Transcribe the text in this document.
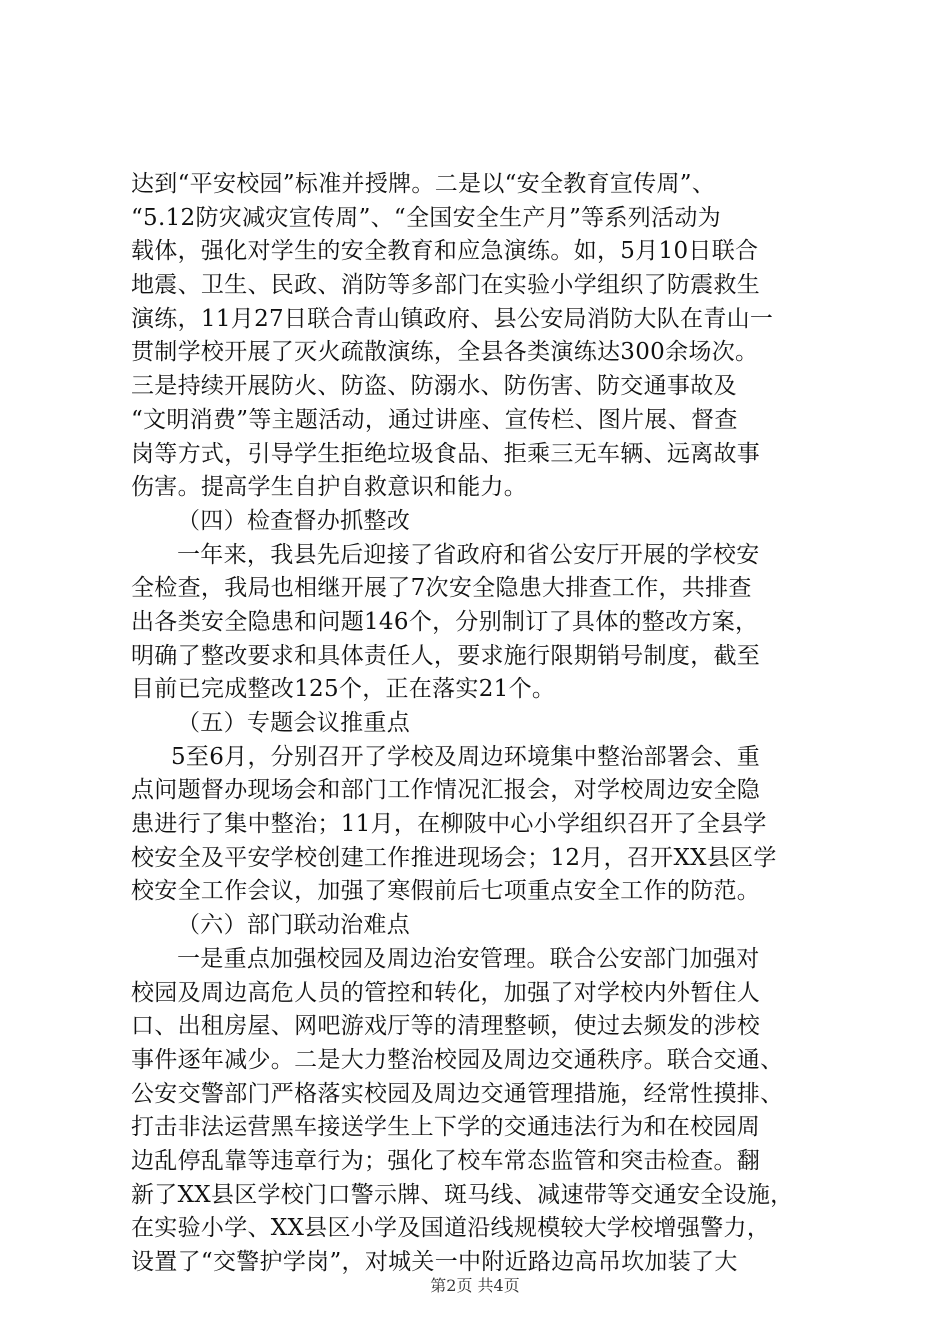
达到“平安校园”标准并授牌。二是以“安全教育宣传周”、
“5.12防灾减灾宣传周”、“全国安全生产月”等系列活动为
载体，强化对学生的安全教育和应急演练。如，5月10日联合
地震、卫生、民政、消防等多部门在实验小学组织了防震救生
演练，11月27日联合青山镇政府、县公安局消防大队在青山一
贯制学校开展了灭火疏散演练，全县各类演练达300余场次。
三是持续开展防火、防盗、防溺水、防伤害、防交通事故及
“文明消费”等主题活动，通过讲座、宣传栏、图片展、督查
岗等方式，引导学生拒绝垃圾食品、拒乘三无车辆、远离故事
伤害。提高学生自护自救意识和能力。
（四）检查督办抓整改
一年来，我县先后迎接了省政府和省公安厅开展的学校安
全检查，我局也相继开展了7次安全隐患大排查工作，共排查
出各类安全隐患和问题146个，分别制订了具体的整改方案，
明确了整改要求和具体责任人，要求施行限期销号制度，截至
目前已完成整改125个，正在落实21个。
（五）专题会议推重点
5至6月，分别召开了学校及周边环境集中整治部署会、重
点问题督办现场会和部门工作情况汇报会，对学校周边安全隐
患进行了集中整治；11月，在柳陂中心小学组织召开了全县学
校安全及平安学校创建工作推进现场会；12月，召开XX县区学
校安全工作会议，加强了寒假前后七项重点安全工作的防范。
（六）部门联动治难点
一是重点加强校园及周边治安管理。联合公安部门加强对
校园及周边高危人员的管控和转化，加强了对学校内外暂住人
口、出租房屋、网吧游戏厅等的清理整顿，使过去频发的涉校
事件逐年减少。二是大力整治校园及周边交通秩序。联合交通、
公安交警部门严格落实校园及周边交通管理措施，经常性摸排、
打击非法运营黑车接送学生上下学的交通违法行为和在校园周
边乱停乱靠等违章行为；强化了校车常态监管和突击检查。翻
新了XX县区学校门口警示牌、斑马线、减速带等交通安全设施，
在实验小学、XX县区小学及国道沿线规模较大学校增强警力，
设置了“交警护学岗”，对城关一中附近路边高吊坎加装了大
第2页 共4页
